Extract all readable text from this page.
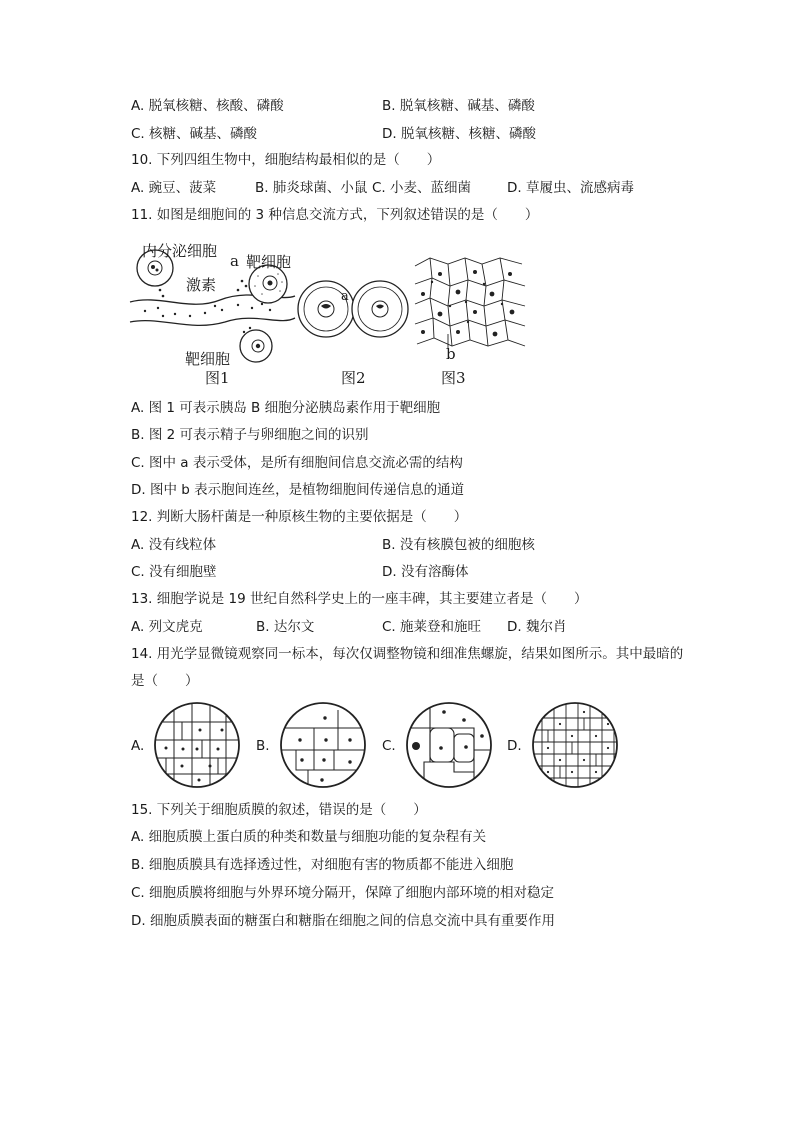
A. 脱氧核糖、核酸、磷酸	B. 脱氧核糖、碱基、磷酸
C. 核糖、碱基、磷酸	D. 脱氧核糖、核糖、磷酸
10. 下列四组生物中，细胞结构最相似的是（　　）
A. 豌豆、菠菜	B. 肺炎球菌、小鼠 C. 小麦、蓝细菌	D. 草履虫、流感病毒
11. 如图是细胞间的 3 种信息交流方式，下列叙述错误的是（　　）
内分泌细胞
a 靶细胞
激素
靶细胞
图1
a
图2
b
图3
A. 图 1 可表示胰岛 B 细胞分泌胰岛素作用于靶细胞
B. 图 2 可表示精子与卵细胞之间的识别
C. 图中 a 表示受体，是所有细胞间信息交流必需的结构
D. 图中 b 表示胞间连丝，是植物细胞间传递信息的通道
12. 判断大肠杆菌是一种原核生物的主要依据是（　　）
A. 没有线粒体	B. 没有核膜包被的细胞核
C. 没有细胞壁	D. 没有溶酶体
13. 细胞学说是 19 世纪自然科学史上的一座丰碑，其主要建立者是（　　）
A. 列文虎克	B. 达尔文	C. 施莱登和施旺 D. 魏尔肖
14. 用光学显微镜观察同一标本，每次仅调整物镜和细准焦螺旋，结果如图所示。其中最暗的
是（　　）
A.	B.	C.	D.
15. 下列关于细胞质膜的叙述，错误的是（　　）
A. 细胞质膜上蛋白质的种类和数量与细胞功能的复杂程有关
B. 细胞质膜具有选择透过性，对细胞有害的物质都不能进入细胞
C. 细胞质膜将细胞与外界环境分隔开，保障了细胞内部环境的相对稳定
D. 细胞质膜表面的糖蛋白和糖脂在细胞之间的信息交流中具有重要作用
